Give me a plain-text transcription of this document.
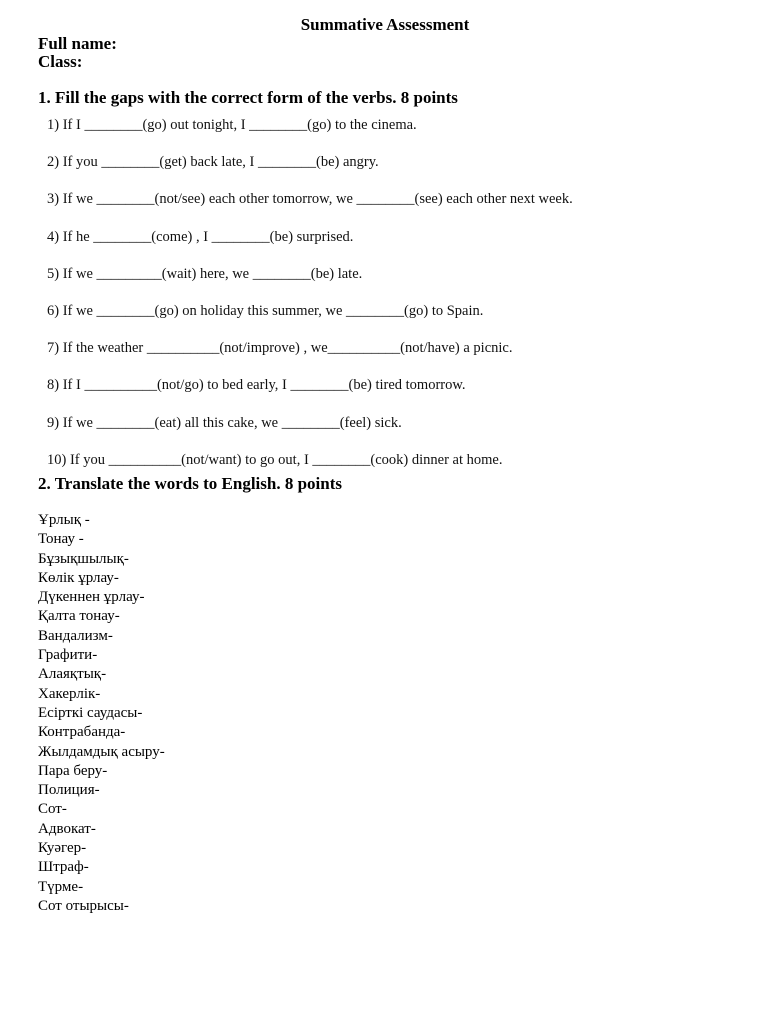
Summative Assessment

Full name:

Class:

1. Fill the gaps with the correct form of the verbs. 8 points
1) If I ________(go) out tonight, I ________(go) to the cinema.
2) If you ________(get) back late, I ________(be) angry.
3) If we ________(not/see) each other tomorrow, we ________(see) each other next week.
4) If he ________(come) , I ________(be) surprised.
5) If we _________(wait) here, we ________(be) late.
6) If we ________(go) on holiday this summer, we ________(go) to Spain.
7) If the weather __________(not/improve) , we__________(not/have) a picnic.
8) If I __________(not/go) to bed early, I ________(be) tired tomorrow.
9) If we ________(eat) all this cake, we ________(feel) sick.
10) If you __________(not/want) to go out, I ________(cook) dinner at home.
2. Translate the words to English. 8 points
Ұрлық -
Тонау -
Бұзықшылық-
Көлік ұрлау-
Дүкеннен ұрлау-
Қалта тонау-
Вандализм-
Графити-
Алаяқтық-
Хакерлік-
Есірткі саудасы-
Контрабанда-
Жылдамдық асыру-
Пара беру-
Полиция-
Сот-
Адвокат-
Куәгер-
Штраф-
Түрме-
Сот отырысы-
